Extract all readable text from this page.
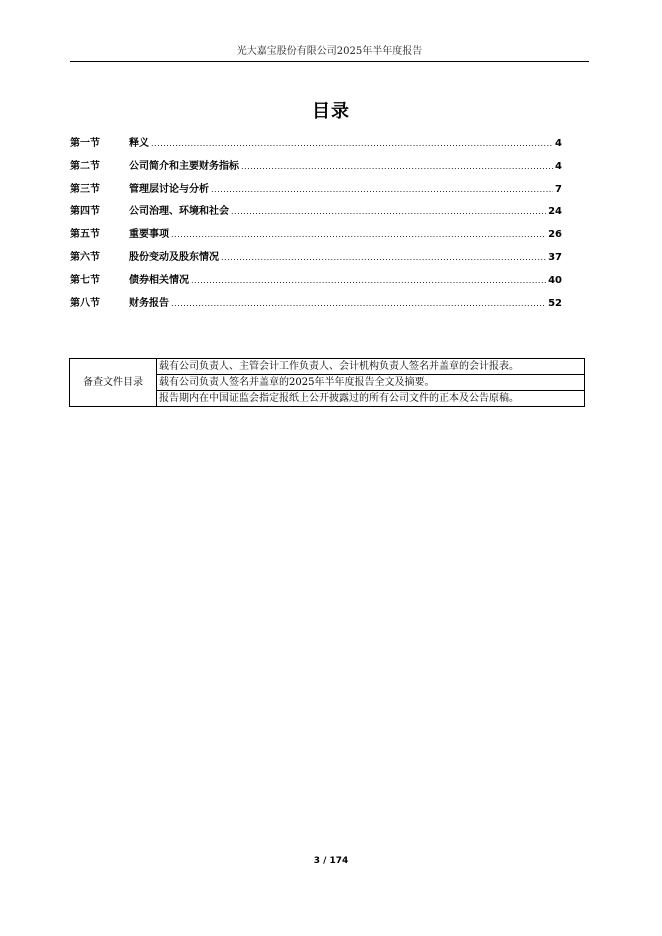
光大嘉宝股份有限公司2025年半年度报告
目录
第一节	释义 .....	4
第二节	公司简介和主要财务指标 .....	4
第三节	管理层讨论与分析 .....	7
第四节	公司治理、环境和社会 .....	24
第五节	重要事项 .....	26
第六节	股份变动及股东情况 .....	37
第七节	债券相关情况 .....	40
第八节	财务报告 .....	52
备查文件目录	载有公司负责人、主管会计工作负责人、会计机构负责人签名并盖章的会计报表。
载有公司负责人签名并盖章的2025年半年度报告全文及摘要。
报告期内在中国证监会指定报纸上公开披露过的所有公司文件的正本及公告原稿。
3 / 174
